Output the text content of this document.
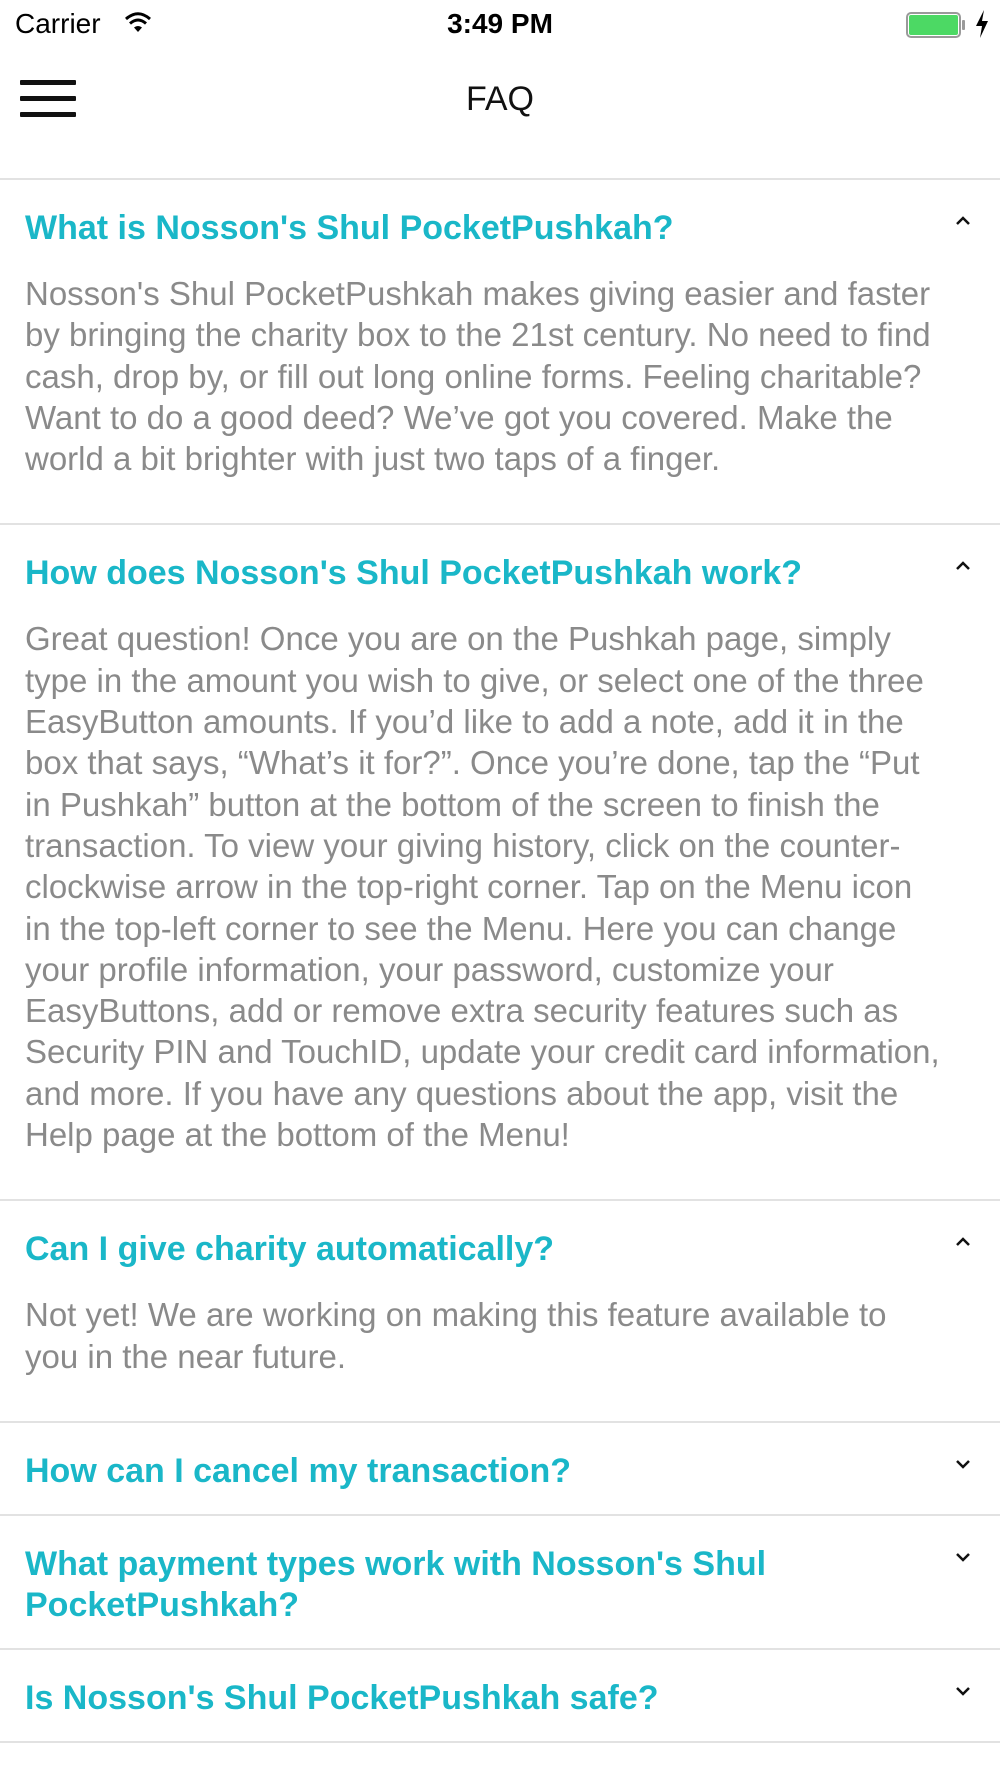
Carrier	3:49 PM
FAQ
What is Nosson's Shul PocketPushkah?
Nosson's Shul PocketPushkah makes giving easier and faster by bringing the charity box to the 21st century. No need to find cash, drop by, or fill out long online forms. Feeling charitable? Want to do a good deed? We’ve got you covered. Make the world a bit brighter with just two taps of a finger.
How does Nosson's Shul PocketPushkah work?
Great question! Once you are on the Pushkah page, simply type in the amount you wish to give, or select one of the three EasyButton amounts. If you’d like to add a note, add it in the box that says, “What’s it for?”. Once you’re done, tap the “Put in Pushkah” button at the bottom of the screen to finish the transaction. To view your giving history, click on the counter-clockwise arrow in the top-right corner. Tap on the Menu icon in the top-left corner to see the Menu. Here you can change your profile information, your password, customize your EasyButtons, add or remove extra security features such as Security PIN and TouchID, update your credit card information, and more. If you have any questions about the app, visit the Help page at the bottom of the Menu!
Can I give charity automatically?
Not yet! We are working on making this feature available to you in the near future.
How can I cancel my transaction?
What payment types work with Nosson's Shul PocketPushkah?
Is Nosson's Shul PocketPushkah safe?
